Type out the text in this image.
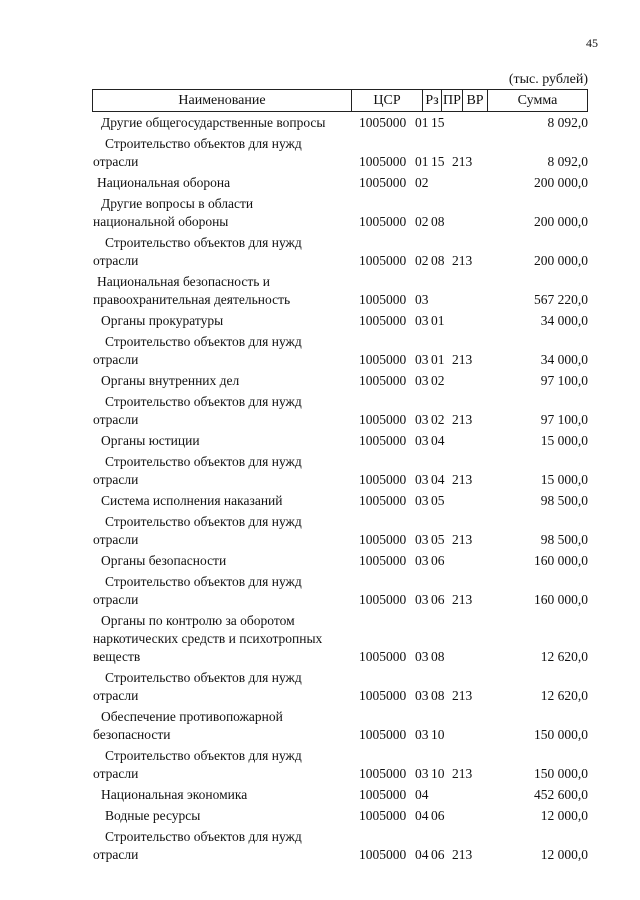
45
(тыс. рублей)
Наименование	ЦСР	Рз	ПР	ВР	Сумма
Другие общегосударственные вопросы	1005000 01 15	8 092,0
Строительство объектов для нужд
отрасли	1005000 01 15 213	8 092,0
Национальная оборона	1005000 02	200 000,0
Другие вопросы в области
национальной обороны	1005000 02 08	200 000,0
Строительство объектов для нужд
отрасли	1005000 02 08 213	200 000,0
Национальная безопасность и
правоохранительная деятельность	1005000 03	567 220,0
Органы прокуратуры	1005000 03 01	34 000,0
Строительство объектов для нужд
отрасли	1005000 03 01 213	34 000,0
Органы внутренних дел	1005000 03 02	97 100,0
Строительство объектов для нужд
отрасли	1005000 03 02 213	97 100,0
Органы юстиции	1005000 03 04	15 000,0
Строительство объектов для нужд
отрасли	1005000 03 04 213	15 000,0
Система исполнения наказаний	1005000 03 05	98 500,0
Строительство объектов для нужд
отрасли	1005000 03 05 213	98 500,0
Органы безопасности	1005000 03 06	160 000,0
Строительство объектов для нужд
отрасли	1005000 03 06 213	160 000,0
Органы по контролю за оборотом
наркотических средств и психотропных
веществ	1005000 03 08	12 620,0
Строительство объектов для нужд
отрасли	1005000 03 08 213	12 620,0
Обеспечение противопожарной
безопасности	1005000 03 10	150 000,0
Строительство объектов для нужд
отрасли	1005000 03 10 213	150 000,0
Национальная экономика	1005000 04	452 600,0
Водные ресурсы	1005000 04 06	12 000,0
Строительство объектов для нужд
отрасли	1005000 04 06 213	12 000,0
